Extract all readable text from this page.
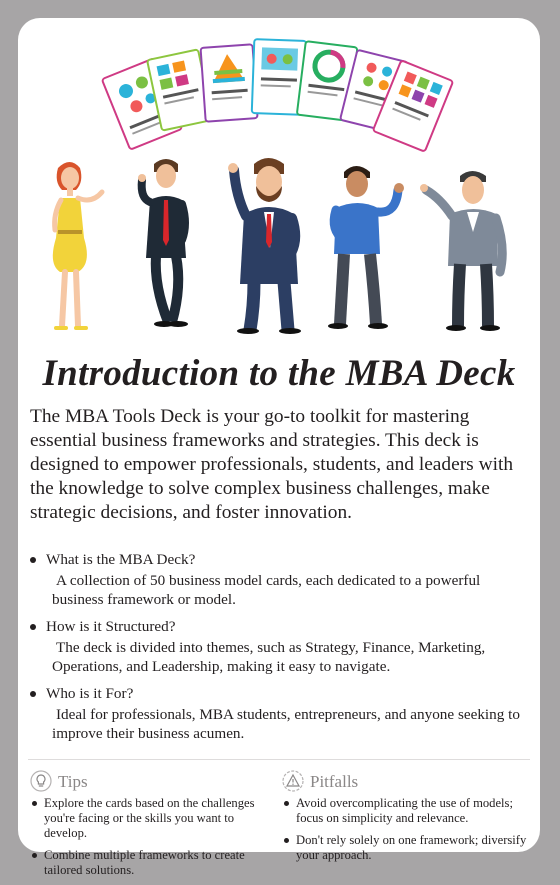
Introduction to the MBA Deck

The MBA Tools Deck is your go-to toolkit for mastering essential business frameworks and strategies. This deck is designed to empower professionals, students, and leaders with the knowledge to solve complex business challenges, make strategic decisions, and foster innovation.

What is the MBA Deck?
A collection of 50 business model cards, each dedicated to a powerful business framework or model.
How is it Structured?
The deck is divided into themes, such as Strategy, Finance, Marketing, Operations, and Leadership, making it easy to navigate.
Who is it For?
Ideal for professionals, MBA students, entrepreneurs, and anyone seeking to improve their business acumen.
Tips
Explore the cards based on the challenges you're facing or the skills you want to develop.
Combine multiple frameworks to create tailored solutions.
Pitfalls
Avoid overcomplicating the use of models; focus on simplicity and relevance.
Don't rely solely on one framework; diversify your approach.
